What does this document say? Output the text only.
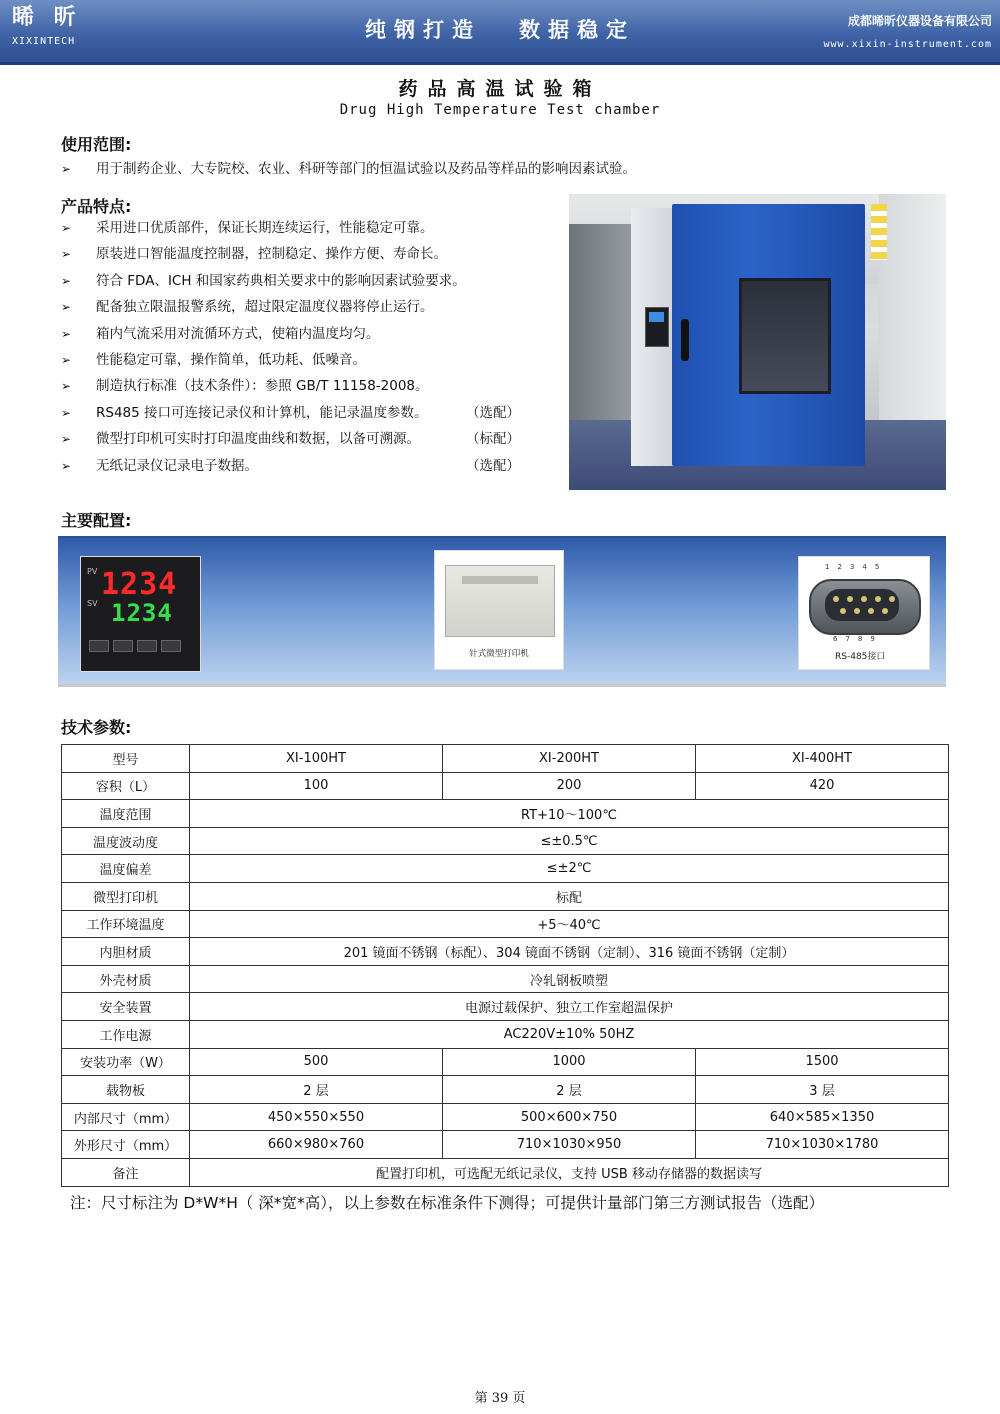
晞 昕
XIXINTECH	纯钢打造 数据稳定	成都晞昕仪器设备有限公司
www.xixin-instrument.com
药品高温试验箱
Drug High Temperature Test chamber
使用范围:
➢ 用于制药企业、大专院校、农业、科研等部门的恒温试验以及药品等样品的影响因素试验。
产品特点:
➢ 采用进口优质部件，保证长期连续运行，性能稳定可靠。
➢ 原装进口智能温度控制器，控制稳定、操作方便、寿命长。
➢ 符合 FDA、ICH 和国家药典相关要求中的影响因素试验要求。
➢ 配备独立限温报警系统，超过限定温度仪器将停止运行。
➢ 箱内气流采用对流循环方式，使箱内温度均匀。
➢ 性能稳定可靠，操作简单，低功耗、低噪音。
➢ 制造执行标准（技术条件）：参照 GB/T 11158-2008。
➢ RS485 接口可连接记录仪和计算机，能记录温度参数。	（选配）
➢ 微型打印机可实时打印温度曲线和数据，以备可溯源。	（标配）
➢ 无纸记录仪记录电子数据。	（选配）
主要配置:
PV
SV
1234
1234
针式微型打印机
12345
6789
RS-485接口
技术参数:
型号	XI-100HT	XI-200HT	XI-400HT
容积（L）	100	200	420
温度范围	RT+10～100℃		
温度波动度	≤±0.5℃		
温度偏差	≤±2℃		
微型打印机	标配		
工作环境温度	+5～40℃		
内胆材质	201 镜面不锈钢（标配）、304 镜面不锈钢（定制）、316 镜面不锈钢（定制）		
外壳材质	冷轧钢板喷塑		
安全装置	电源过载保护、独立工作室超温保护		
工作电源	AC220V±10% 50HZ		
安装功率（W）	500	1000	1500
载物板	2 层	2 层	3 层
内部尺寸（mm）	450×550×550	500×600×750	640×585×1350
外形尺寸（mm）	660×980×760	710×1030×950	710×1030×1780
备注	配置打印机，可选配无纸记录仪，支持 USB 移动存储器的数据读写		
注：尺寸标注为 D*W*H（ 深*宽*高），以上参数在标准条件下测得；可提供计量部门第三方测试报告（选配）
第 39 页
